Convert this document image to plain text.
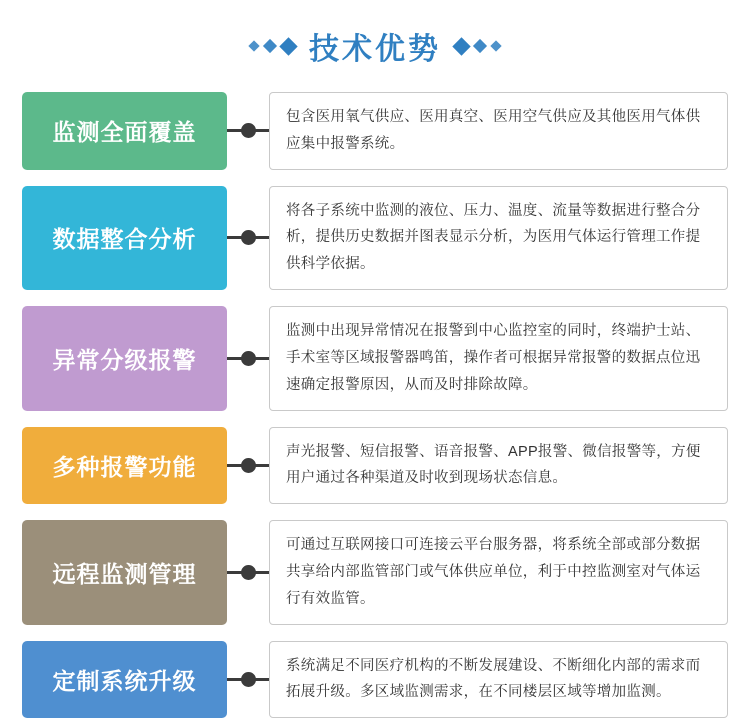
技术优势
监测全面覆盖
包含医用氧气供应、医用真空、医用空气供应及其他医用气体供应集中报警系统。
数据整合分析
将各子系统中监测的液位、压力、温度、流量等数据进行整合分析，提供历史数据并图表显示分析，为医用气体运行管理工作提供科学依据。
异常分级报警
监测中出现异常情况在报警到中心监控室的同时，终端护士站、手术室等区域报警器鸣笛，操作者可根据异常报警的数据点位迅速确定报警原因，从而及时排除故障。
多种报警功能
声光报警、短信报警、语音报警、APP报警、微信报警等，方便用户通过各种渠道及时收到现场状态信息。
远程监测管理
可通过互联网接口可连接云平台服务器，将系统全部或部分数据共享给内部监管部门或气体供应单位，利于中控监测室对气体运行有效监管。
定制系统升级
系统满足不同医疗机构的不断发展建设、不断细化内部的需求而拓展升级。多区域监测需求，在不同楼层区域等增加监测。
